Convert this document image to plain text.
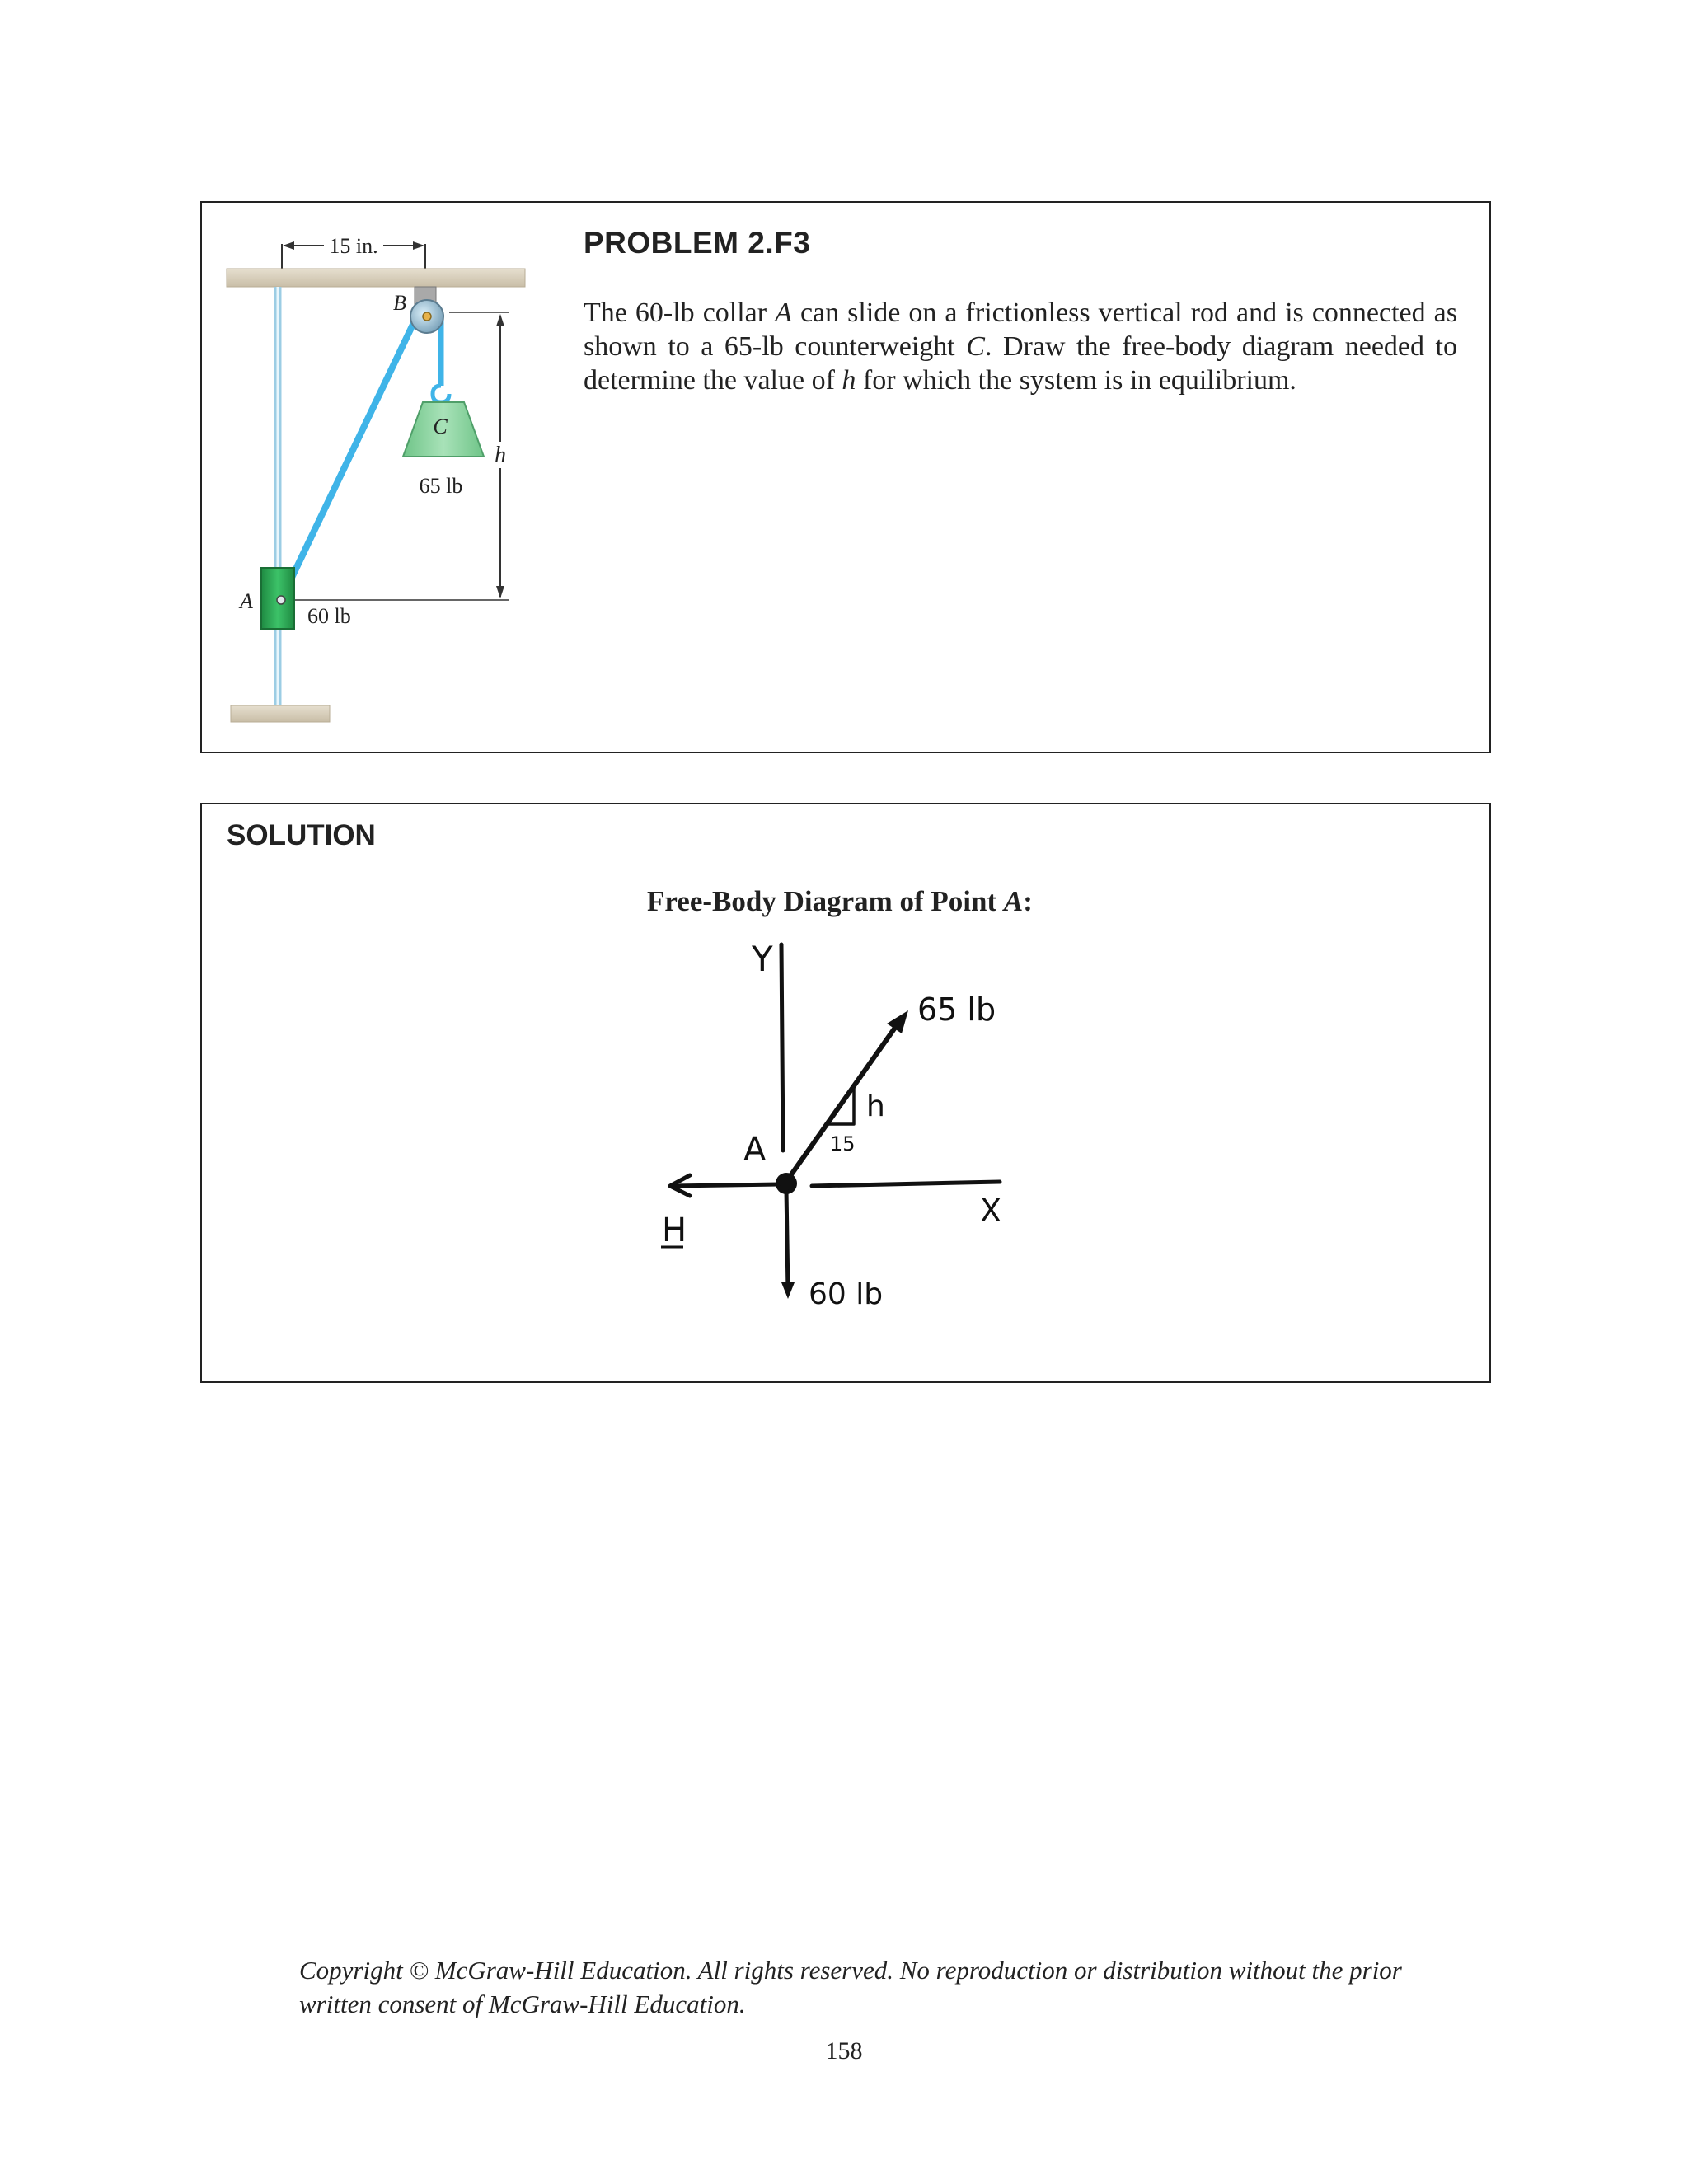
15 in.
B
C
65 lb
h
A
60 lb
PROBLEM 2.F3
The 60-lb collar A can slide on a frictionless vertical rod and is connected as shown to a 65-lb counterweight C. Draw the free-body diagram needed to determine the value of h for which the system is in equilibrium.
SOLUTION
Free-Body Diagram of Point A:
Y
X
A
H
60 lb
65 lb
h
15
Copyright © McGraw-Hill Education. All rights reserved. No reproduction or distribution without the prior written consent of McGraw-Hill Education.
158
